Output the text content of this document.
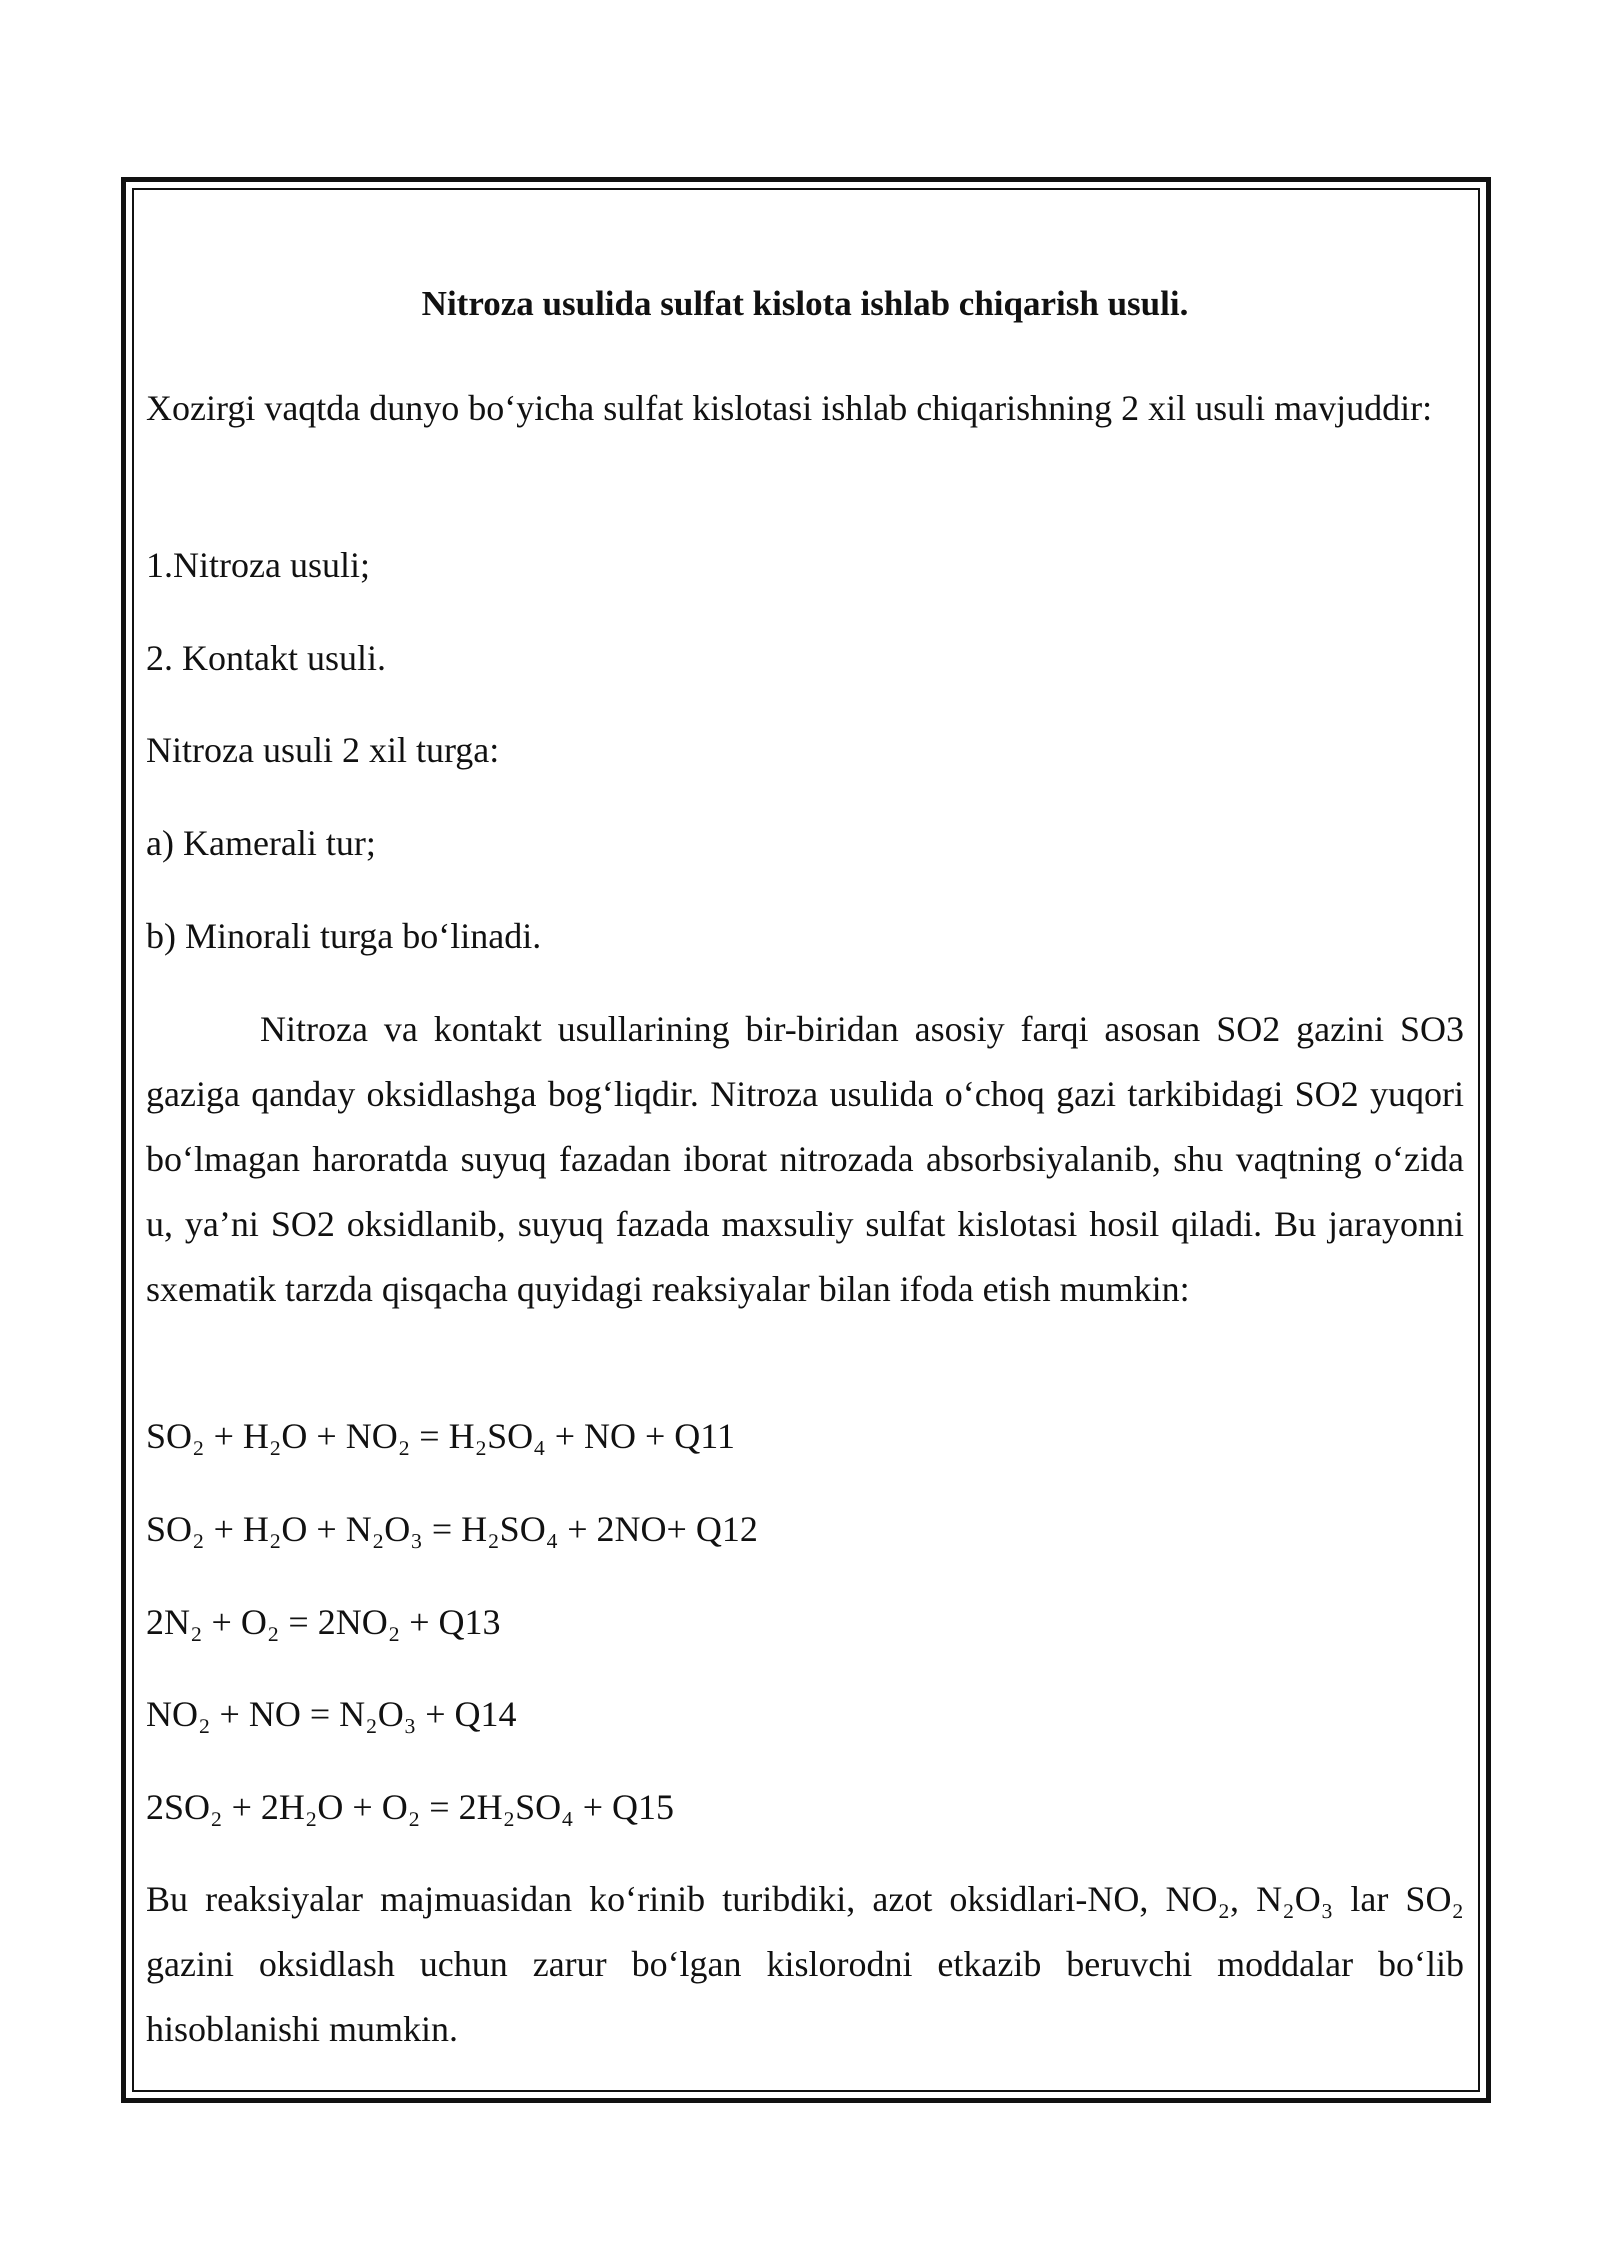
Nitroza usulida sulfat kislota ishlab chiqarish usuli.
Xozirgi vaqtda dunyo bo‘yicha sulfat kislotasi ishlab chiqarishning 2 xil usuli mavjuddir:
1.Nitroza usuli;
2. Kontakt usuli.
Nitroza usuli 2 xil turga:
a) Kamerali tur;
b) Minorali turga bo‘linadi.
Nitroza va kontakt usullarining bir-biridan asosiy farqi asosan SO2 gazini SO3 gaziga qanday oksidlashga bog‘liqdir. Nitroza usulida o‘choq gazi tarkibidagi SO2 yuqori bo‘lmagan haroratda suyuq fazadan iborat nitrozada absorbsiyalanib, shu vaqtning o‘zida u, ya’ni SO2 oksidlanib, suyuq fazada maxsuliy sulfat kislotasi hosil qiladi. Bu jarayonni sxematik tarzda qisqacha quyidagi reaksiyalar bilan ifoda etish mumkin:
SO₂ + H₂O + NO₂ = H₂SO₄ + NO + Q11
SO₂ + H₂O + N₂O₃ = H₂SO₄ + 2NO+ Q12
2N₂ + O₂ = 2NO₂ + Q13
NO₂ + NO = N₂O₃ + Q14
2SO₂ + 2H₂O + O₂ = 2H₂SO₄ + Q15
Bu reaksiyalar majmuasidan ko‘rinib turibdiki, azot oksidlari-NO, NO₂, N₂O₃ lar SO₂ gazini oksidlash uchun zarur bo‘lgan kislorodni etkazib beruvchi moddalar bo‘lib hisoblanishi mumkin.
